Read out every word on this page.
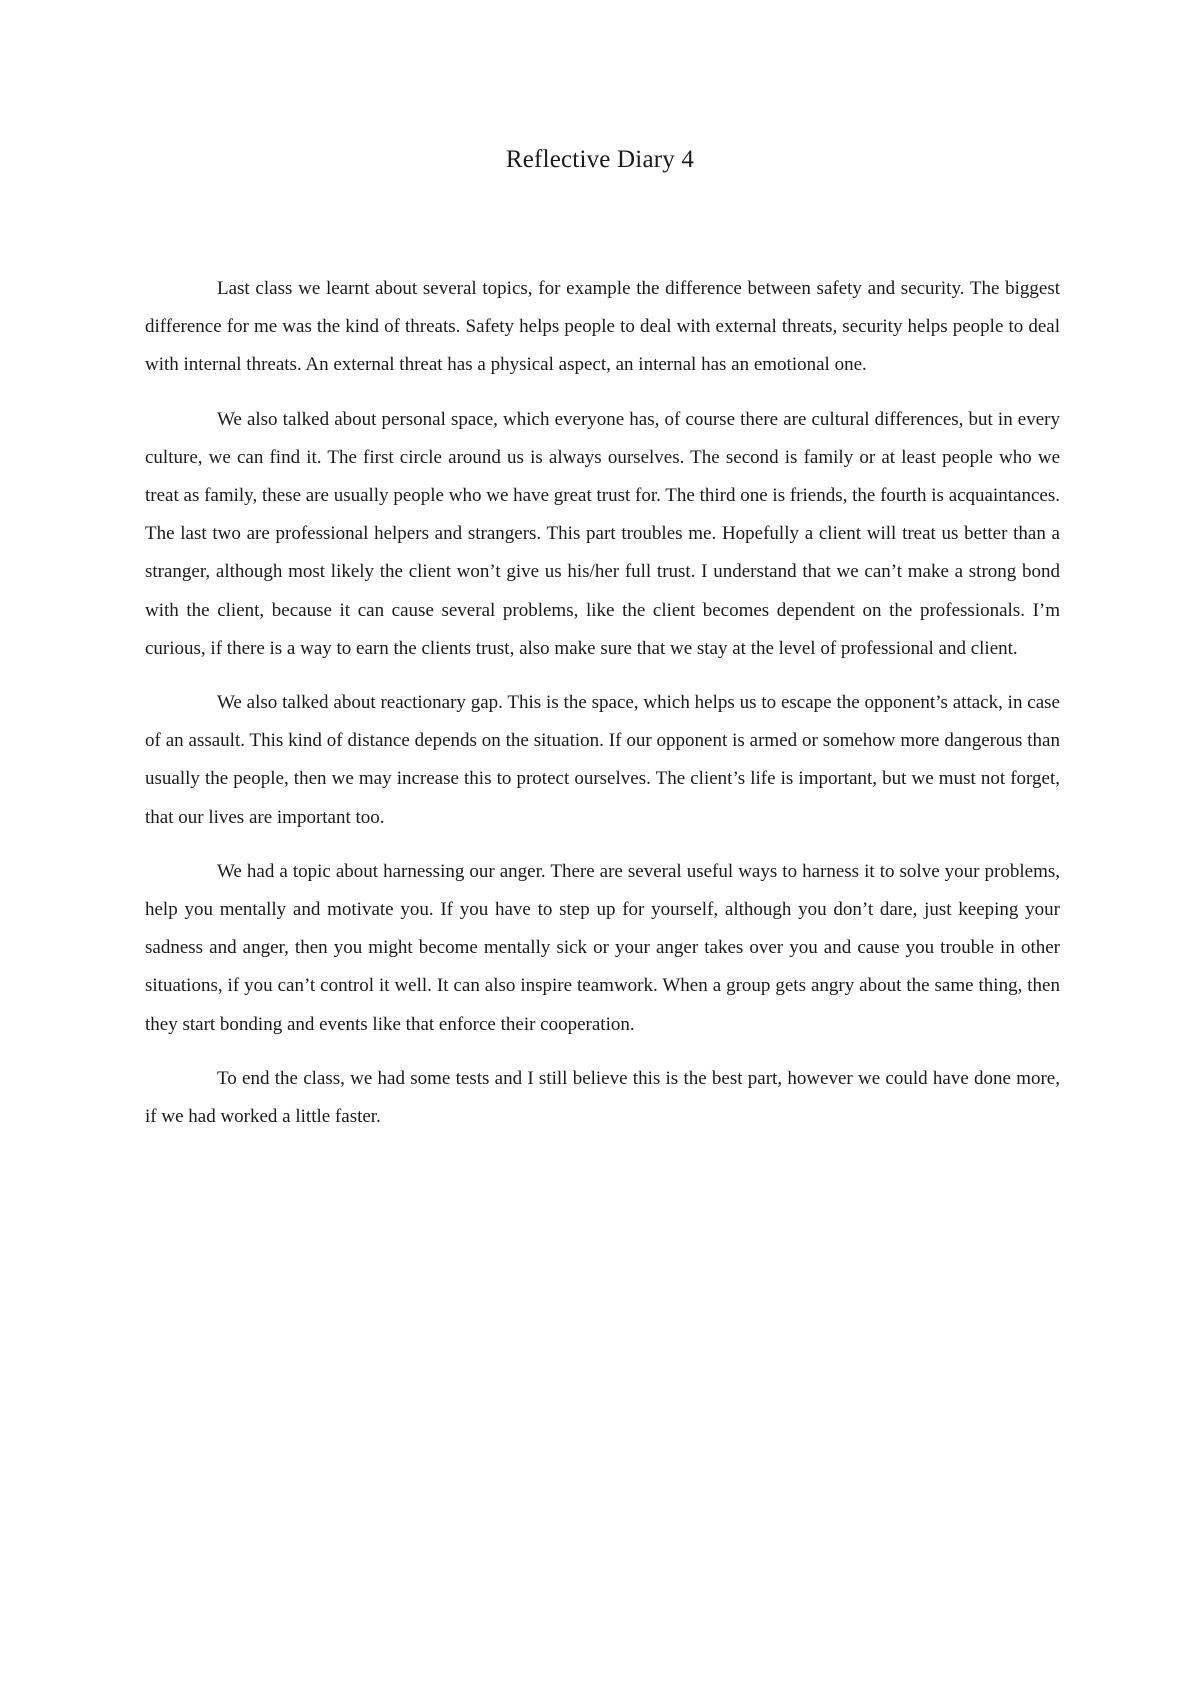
Reflective Diary 4

Last class we learnt about several topics, for example the difference between safety and security. The biggest difference for me was the kind of threats. Safety helps people to deal with external threats, security helps people to deal with internal threats. An external threat has a physical aspect, an internal has an emotional one.

We also talked about personal space, which everyone has, of course there are cultural differences, but in every culture, we can find it. The first circle around us is always ourselves. The second is family or at least people who we treat as family, these are usually people who we have great trust for. The third one is friends, the fourth is acquaintances. The last two are professional helpers and strangers. This part troubles me. Hopefully a client will treat us better than a stranger, although most likely the client won’t give us his/her full trust. I understand that we can’t make a strong bond with the client, because it can cause several problems, like the client becomes dependent on the professionals. I’m curious, if there is a way to earn the clients trust, also make sure that we stay at the level of professional and client.

We also talked about reactionary gap. This is the space, which helps us to escape the opponent’s attack, in case of an assault. This kind of distance depends on the situation. If our opponent is armed or somehow more dangerous than usually the people, then we may increase this to protect ourselves. The client’s life is important, but we must not forget, that our lives are important too.

We had a topic about harnessing our anger. There are several useful ways to harness it to solve your problems, help you mentally and motivate you. If you have to step up for yourself, although you don’t dare, just keeping your sadness and anger, then you might become mentally sick or your anger takes over you and cause you trouble in other situations, if you can’t control it well. It can also inspire teamwork. When a group gets angry about the same thing, then they start bonding and events like that enforce their cooperation.

To end the class, we had some tests and I still believe this is the best part, however we could have done more, if we had worked a little faster.
